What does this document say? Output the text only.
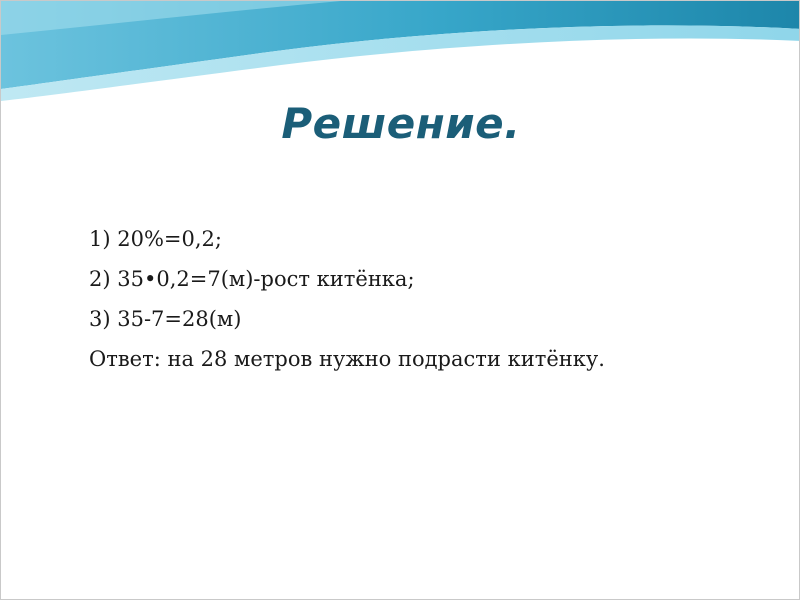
Решение.
1) 20%=0,2;
2) 35•0,2=7(м)-рост китёнка;
3) 35-7=28(м)
Ответ: на 28 метров нужно подрасти китёнку.
